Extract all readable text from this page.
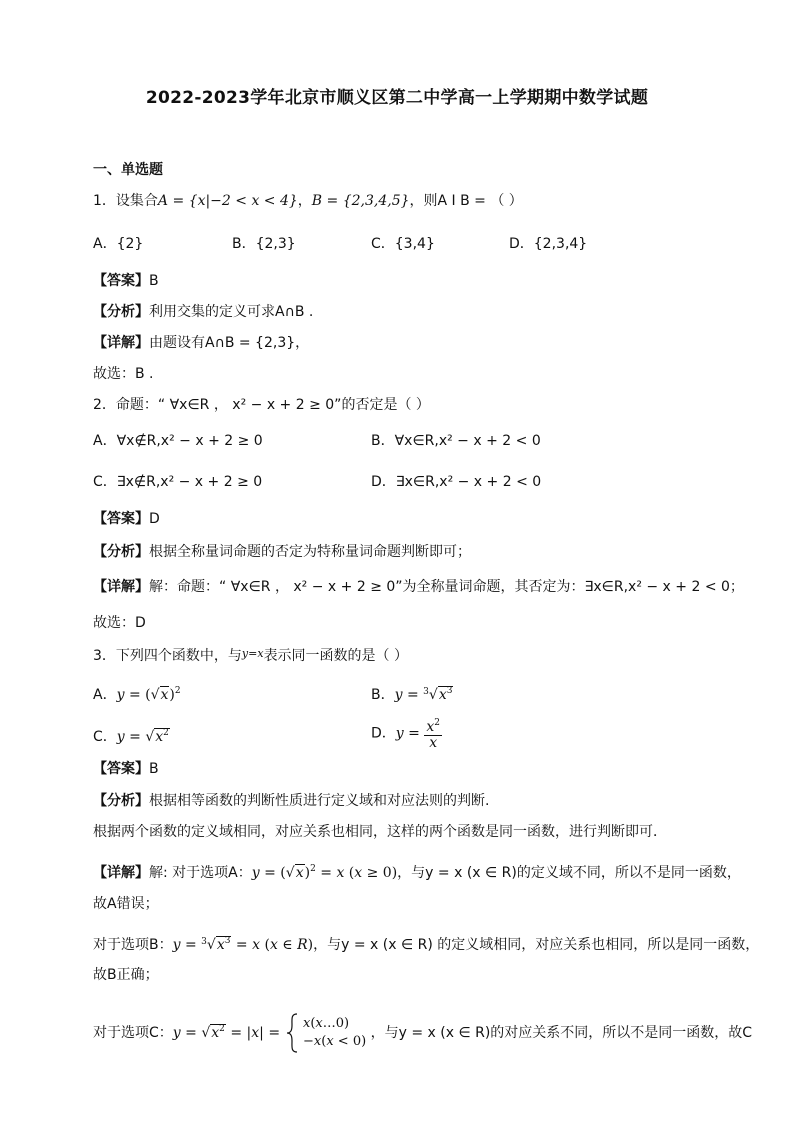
2022-2023学年北京市顺义区第二中学高一上学期期中数学试题
一、单选题
1．设集合A = {x|−2 < x < 4}，B = {2,3,4,5}，则A I B = （ ）
A．{2}	B．{2,3}	C．{3,4}	D．{2,3,4}
【答案】B
【分析】利用交集的定义可求A∩B .
【详解】由题设有A∩B = {2,3}，
故选：B .
2．命题：“ ∀x∈R ， x² − x + 2 ≥ 0”的否定是（ ）
A．∀x∉R,x² − x + 2 ≥ 0	B．∀x∈R,x² − x + 2 < 0
C．∃x∉R,x² − x + 2 ≥ 0	D．∃x∈R,x² − x + 2 < 0
【答案】D
【分析】根据全称量词命题的否定为特称量词命题判断即可；
【详解】解：命题：“ ∀x∈R ， x² − x + 2 ≥ 0”为全称量词命题，其否定为：∃x∈R,x² − x + 2 < 0；
故选：D
3．下列四个函数中，与$^{y=x}$表示同一函数的是（ ）
A．$y = (√x)^2$	B．$y = ^3√x^3$
C．$y = √x^2$	D．$y = \frac{x^2}{x}$
【答案】B
【分析】根据相等函数的判断性质进行定义域和对应法则的判断.
根据两个函数的定义域相同，对应关系也相同，这样的两个函数是同一函数，进行判断即可．
【详解】解: 对于选项A：$y = (√x)^2 = x$ (x ≥ 0)，与y = x (x ∈ R)的定义域不同，所以不是同一函数，
故A错误；
对于选项B：$y = ^3√x^3 = x$ (x ∈ R)，与y = x (x ∈ R) 的定义域相同，对应关系也相同，所以是同一函数，
故B正确；
对于选项C：$y = √x^2 = |x|$ =
x(x…0)
−x(x < 0)
，与y = x (x ∈ R)的对应关系不同，所以不是同一函数，故C
